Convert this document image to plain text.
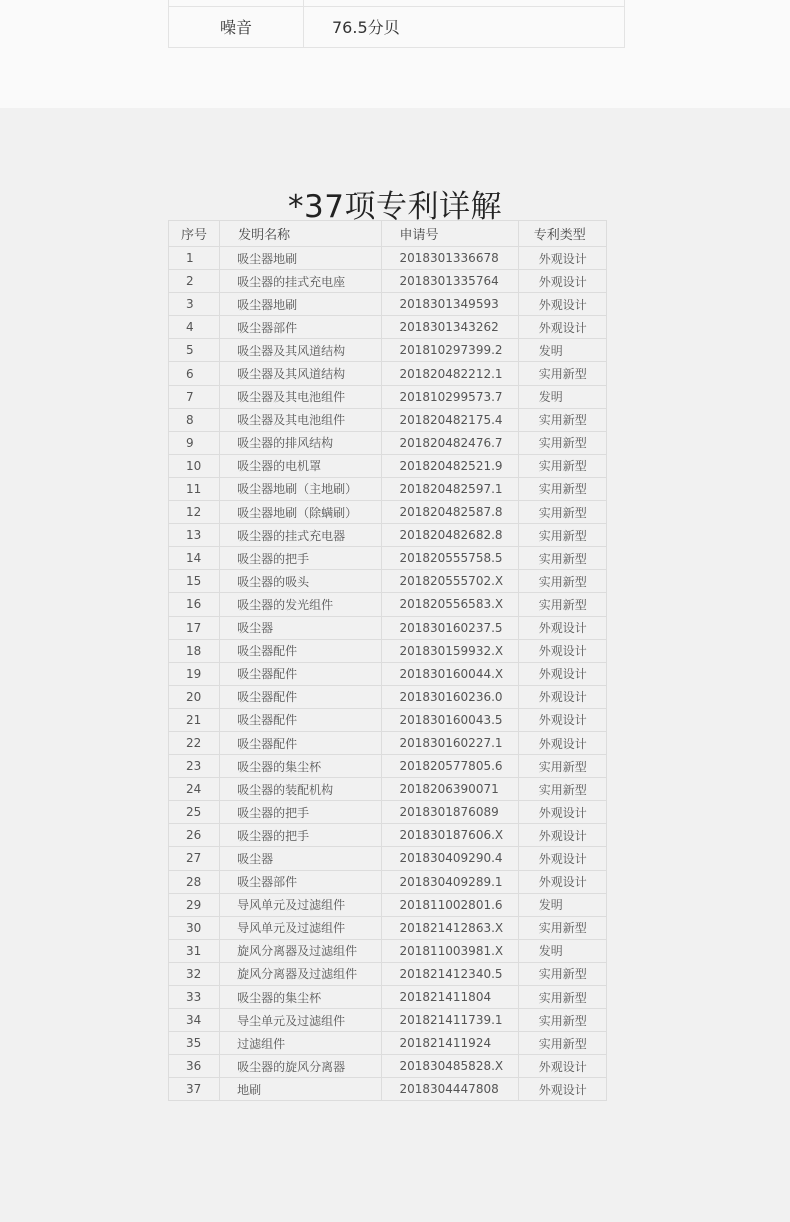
噪音	76.5分贝
*37项专利详解
序号	发明名称	申请号	专利类型
1	吸尘器地刷	2018301336678	外观设计
2	吸尘器的挂式充电座	2018301335764	外观设计
3	吸尘器地刷	2018301349593	外观设计
4	吸尘器部件	2018301343262	外观设计
5	吸尘器及其风道结构	201810297399.2	发明
6	吸尘器及其风道结构	201820482212.1	实用新型
7	吸尘器及其电池组件	201810299573.7	发明
8	吸尘器及其电池组件	201820482175.4	实用新型
9	吸尘器的排风结构	201820482476.7	实用新型
10	吸尘器的电机罩	201820482521.9	实用新型
11	吸尘器地刷（主地刷）	201820482597.1	实用新型
12	吸尘器地刷（除螨刷）	201820482587.8	实用新型
13	吸尘器的挂式充电器	201820482682.8	实用新型
14	吸尘器的把手	201820555758.5	实用新型
15	吸尘器的吸头	201820555702.X	实用新型
16	吸尘器的发光组件	201820556583.X	实用新型
17	吸尘器	201830160237.5	外观设计
18	吸尘器配件	201830159932.X	外观设计
19	吸尘器配件	201830160044.X	外观设计
20	吸尘器配件	201830160236.0	外观设计
21	吸尘器配件	201830160043.5	外观设计
22	吸尘器配件	201830160227.1	外观设计
23	吸尘器的集尘杯	201820577805.6	实用新型
24	吸尘器的装配机构	201820639007​1	实用新型
25	吸尘器的把手	2018301876089	外观设计
26	吸尘器的把手	201830187606.X	外观设计
27	吸尘器	201830409290.4	外观设计
28	吸尘器部件	201830409289.1	外观设计
29	导风单元及过滤组件	201811002801.6	发明
30	导风单元及过滤组件	201821412863.X	实用新型
31	旋风分离器及过滤组件	201811003981.X	发明
32	旋风分离器及过滤组件	201821412340.5	实用新型
33	吸尘器的集尘杯	201821411804	实用新型
34	导尘单元及过滤组件	201821411739.1	实用新型
35	过滤组件	201821411924	实用新型
36	吸尘器的旋风分离器	201830485828.X	外观设计
37	地刷	2018304447808	外观设计
